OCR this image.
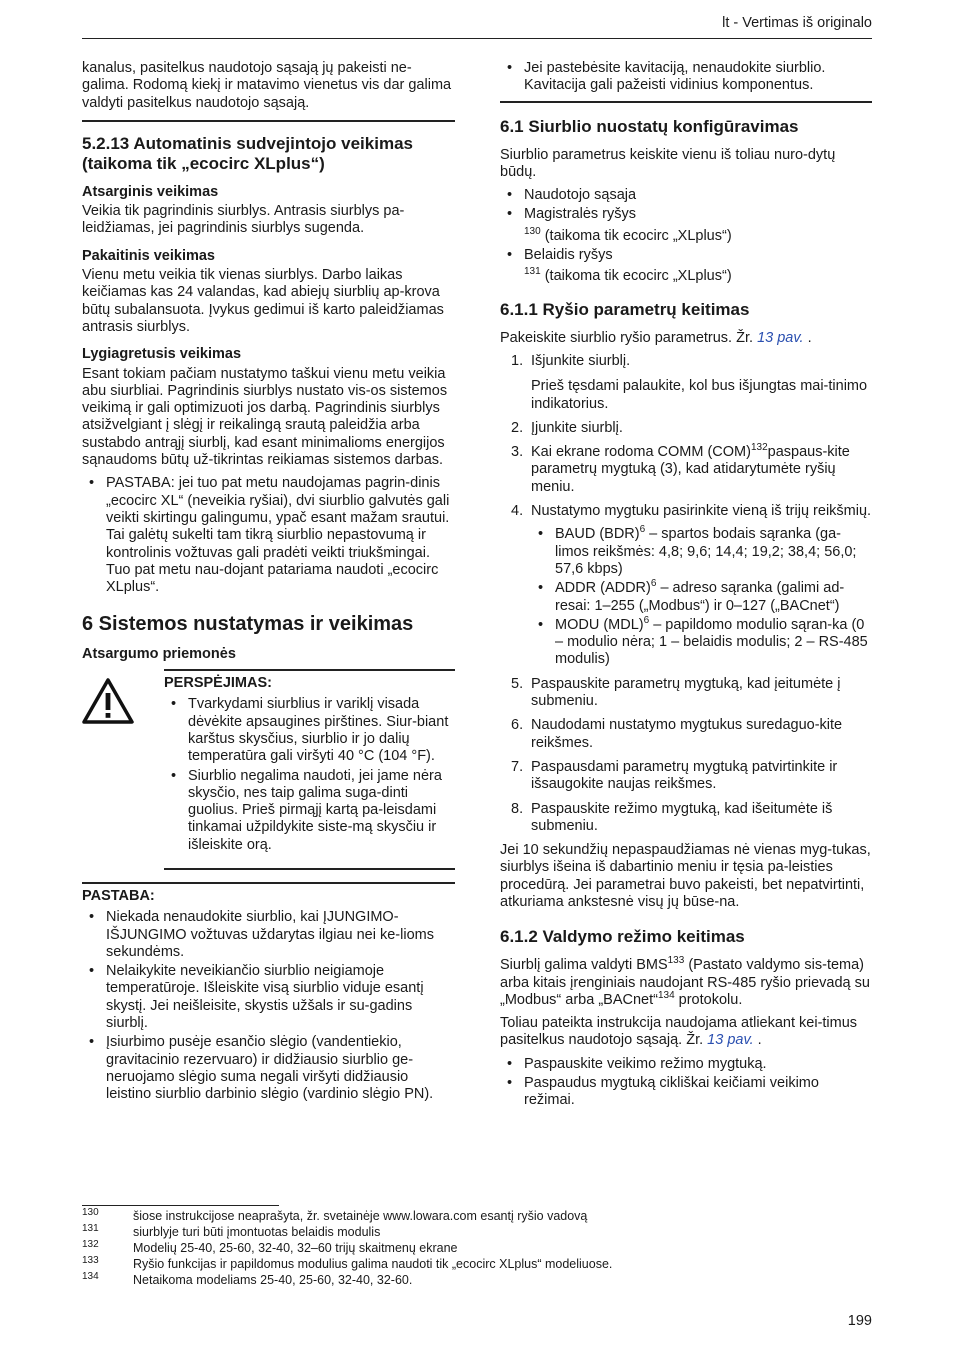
lt - Vertimas iš originalo

kanalus, pasitelkus naudotojo sąsają jų pakeisti ne-galima. Rodomą kiekį ir matavimo vienetus vis dar galima valdyti pasitelkus naudotojo sąsają.

5.2.13 Automatinis sudvejintojo veikimas (taikoma tik „ecocirc XLplus“)
Atsarginis veikimas

Veikia tik pagrindinis siurblys. Antrasis siurblys pa-leidžiamas, jei pagrindinis siurblys sugenda.

Pakaitinis veikimas

Vienu metu veikia tik vienas siurblys. Darbo laikas keičiamas kas 24 valandas, kad abiejų siurblių ap-krova būtų subalansuota. Įvykus gedimui iš karto paleidžiamas antrasis siurblys.

Lygiagretusis veikimas

Esant tokiam pačiam nustatymo taškui vienu metu veikia abu siurbliai. Pagrindinis siurblys nustato vis-os sistemos veikimą ir gali optimizuoti jos darbą. Pagrindinis siurblys atsižvelgiant į slėgį ir reikalingą srautą paleidžia arba sustabdo antrąjį siurblį, kad esant minimalioms energijos sąnaudoms būtų už-tikrintas reikiamas sistemos darbas.

• PASTABA: jei tuo pat metu naudojamas pagrin-dinis „ecocirc XL“ (neveikia ryšiai), dvi siurblio galvutės gali veikti skirtingu galingumu, ypač esant mažam srautui. Tai galėtų sukelti tam tikrą siurblio nepastovumą ir kontrolinis vožtuvas gali pradėti veikti triukšmingai. Tuo pat metu nau-dojant patariama naudoti „ecocirc XLplus“.
6 Sistemos nustatymas ir veikimas
Atsargumo priemonės
PERSPĖJIMAS:
• Tvarkydami siurblius ir variklį visada dėvėkite apsaugines pirštines. Siur-biant karštus skysčius, siurblio ir jo dalių temperatūra gali viršyti 40 °C (104 °F).
• Siurblio negalima naudoti, jei jame nėra skysčio, nes taip galima suga-dinti guolius. Prieš pirmąjį kartą pa-leisdami tinkamai užpildykite siste-mą skysčiu ir išleiskite orą.
PASTABA:
• Niekada nenaudokite siurblio, kai ĮJUNGIMO-IŠJUNGIMO vožtuvas uždarytas ilgiau nei ke-lioms sekundėms.
• Nelaikykite neveikiančio siurblio neigiamoje temperatūroje. Išleiskite visą siurblio viduje esantį skystį. Jei neišleisite, skystis užšals ir su-gadins siurblį.
• Įsiurbimo pusėje esančio slėgio (vandentiekio, gravitacinio rezervuaro) ir didžiausio siurblio ge-neruojamo slėgio suma negali viršyti didžiausio leistino siurblio darbinio slėgio (vardinio slėgio PN).
• Jei pastebėsite kavitaciją, nenaudokite siurblio. Kavitacija gali pažeisti vidinius komponentus.
6.1 Siurblio nuostatų konfigūravimas

Siurblio parametrus keiskite vienu iš toliau nuro-dytų būdų.

• Naudotojo sąsaja
• Magistralės ryšys
$^{130}$ (taikoma tik ecocirc „XLplus“)
• Belaidis ryšys
$^{131}$ (taikoma tik ecocirc „XLplus“)
6.1.1 Ryšio parametrų keitimas

Pakeiskite siurblio ryšio parametrus. Žr. 13 pav. .

1. Išjunkite siurblį.
Prieš tęsdami palaukite, kol bus išjungtas mai-tinimo indikatorius.
2. Įjunkite siurblį.
3. Kai ekrane rodoma COMM (COM)$^{132}$paspaus-kite parametrų mygtuką (3), kad atidarytumėte ryšių meniu.
4. Nustatymo mygtuku pasirinkite vieną iš trijų reikšmių.
• BAUD (BDR)$^6$ – spartos bodais sąranka (ga-limos reikšmės: 4,8; 9,6; 14,4; 19,2; 38,4; 56,0; 57,6 kbps)
• ADDR (ADDR)$^6$ – adreso sąranka (galimi ad-resai: 1–255 („Modbus“) ir 0–127 („BACnet“)
• MODU (MDL)$^6$ – papildomo modulio sąran-ka (0 – modulio nėra; 1 – belaidis modulis; 2 – RS-485 modulis)
5. Paspauskite parametrų mygtuką, kad įeitumėte į submeniu.
6. Naudodami nustatymo mygtukus suredaguo-kite reikšmes.
7. Paspausdami parametrų mygtuką patvirtinkite ir išsaugokite naujas reikšmes.
8. Paspauskite režimo mygtuką, kad išeitumėte iš submeniu.

Jei 10 sekundžių nepaspaudžiamas nė vienas myg-tukas, siurblys išeina iš dabartinio meniu ir tęsia pa-leisties procedūrą. Jei parametrai buvo pakeisti, bet nepatvirtinti, atkuriama ankstesnė visų jų būse-na.

6.1.2 Valdymo režimo keitimas

Siurblį galima valdyti BMS$^{133}$ (Pastato valdymo sis-tema) arba kitais įrenginiais naudojant RS-485 ryšio prievadą su „Modbus“ arba „BACnet“$^{134}$ protokolu.

Toliau pateikta instrukcija naudojama atliekant kei-timus pasitelkus naudotojo sąsają. Žr. 13 pav. .

• Paspauskite veikimo režimo mygtuką.
• Paspaudus mygtuką cikliškai keičiami veikimo režimai.
130	šiose instrukcijose neaprašyta, žr. svetainėje www.lowara.com esantį ryšio vadovą
131	siurblyje turi būti įmontuotas belaidis modulis
132	Modelių 25-40, 25-60, 32-40, 32–60 trijų skaitmenų ekrane
133	Ryšio funkcijas ir papildomus modulius galima naudoti tik „ecocirc XLplus“ modeliuose.
134	Netaikoma modeliams 25-40, 25-60, 32-40, 32-60.
199
